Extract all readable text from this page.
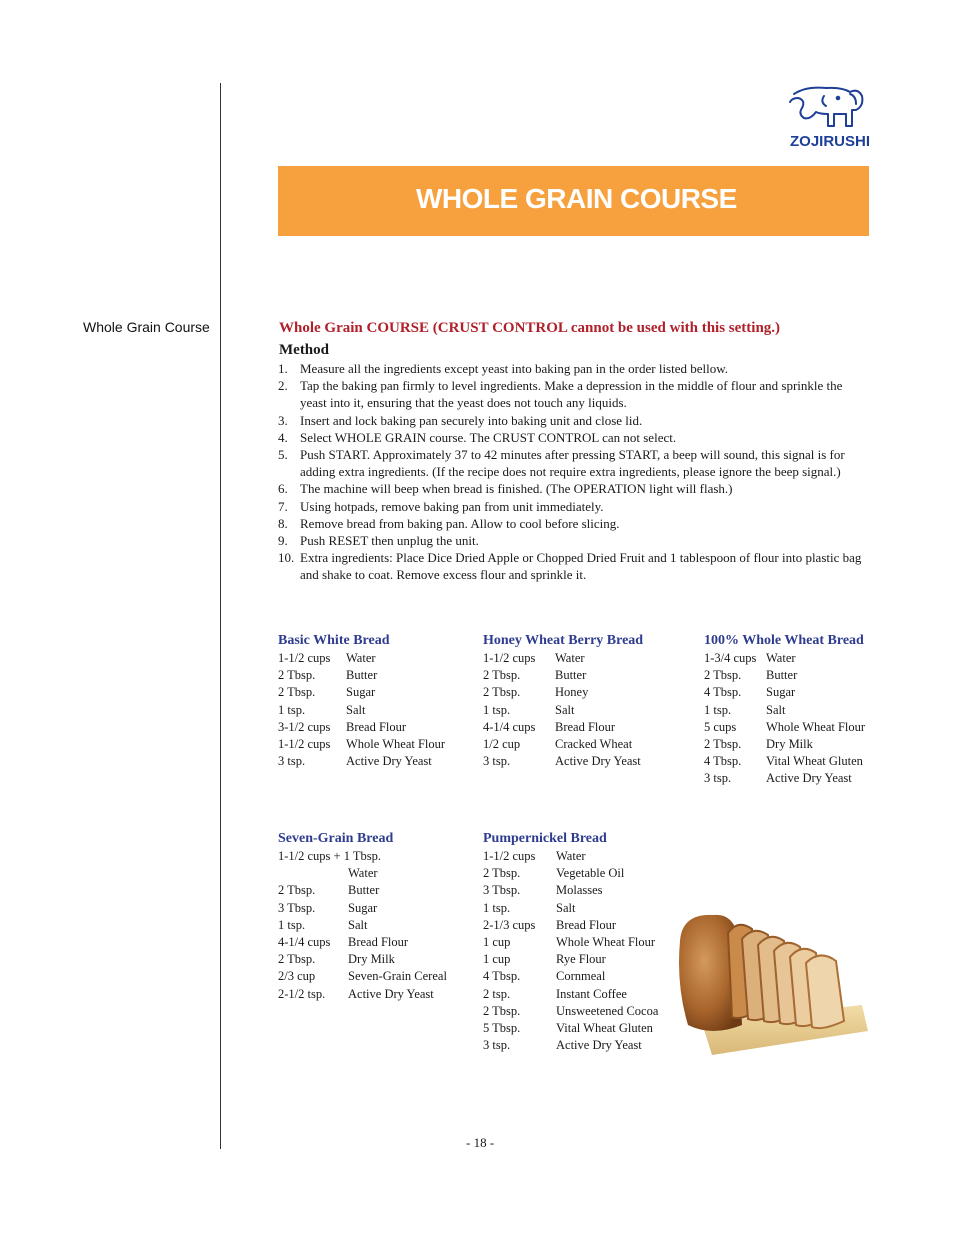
ZOJIRUSHI
WHOLE GRAIN COURSE
Whole Grain Course	Whole Grain COURSE (CRUST CONTROL cannot be used with this setting.)
Method
1. Measure all the ingredients except yeast into baking pan in the order listed bellow.
2. Tap the baking pan firmly to level ingredients. Make a depression in the middle of flour and sprinkle the yeast into it, ensuring that the yeast does not touch any liquids.
3. Insert and lock baking pan securely into baking unit and close lid.
4. Select WHOLE GRAIN course. The CRUST CONTROL can not select.
5. Push START. Approximately 37 to 42 minutes after pressing START, a beep will sound, this signal is for adding extra ingredients. (If the recipe does not require extra ingredients, please ignore the beep signal.)
6. The machine will beep when bread is finished. (The OPERATION light will flash.)
7. Using hotpads, remove baking pan from unit immediately.
8. Remove bread from baking pan. Allow to cool before slicing.
9. Push RESET then unplug the unit.
10. Extra ingredients: Place Dice Dried Apple or Chopped Dried Fruit and 1 tablespoon of flour into plastic bag and shake to coat. Remove excess flour and sprinkle it.
Basic White Bread
1-1/2 cups	Water
2 Tbsp.	Butter
2 Tbsp.	Sugar
1 tsp.	Salt
3-1/2 cups	Bread Flour
1-1/2 cups	Whole Wheat Flour
3 tsp.	Active Dry Yeast
Honey Wheat Berry Bread
1-1/2 cups	Water
2 Tbsp.	Butter
2 Tbsp.	Honey
1 tsp.	Salt
4-1/4 cups	Bread Flour
1/2 cup	Cracked Wheat
3 tsp.	Active Dry Yeast
100% Whole Wheat Bread
1-3/4 cups Water
2 Tbsp.	Butter
4 Tbsp.	Sugar
1 tsp.	Salt
5 cups	Whole Wheat Flour
2 Tbsp.	Dry Milk
4 Tbsp.	Vital Wheat Gluten
3 tsp.	Active Dry Yeast
Seven-Grain Bread
1-1/2 cups + 1 Tbsp.
Water
2 Tbsp.	Butter
3 Tbsp.	Sugar
1 tsp.	Salt
4-1/4 cups	Bread Flour
2 Tbsp.	Dry Milk
2/3 cup	Seven-Grain Cereal
2-1/2 tsp.	Active Dry Yeast
Pumpernickel Bread
1-1/2 cups	Water
2 Tbsp.	Vegetable Oil
3 Tbsp.	Molasses
1 tsp.	Salt
2-1/3 cups	Bread Flour
1 cup	Whole Wheat Flour
1 cup	Rye Flour
4 Tbsp.	Cornmeal
2 tsp.	Instant Coffee
2 Tbsp.	Unsweetened Cocoa
5 Tbsp.	Vital Wheat Gluten
3 tsp.	Active Dry Yeast
- 18 -
